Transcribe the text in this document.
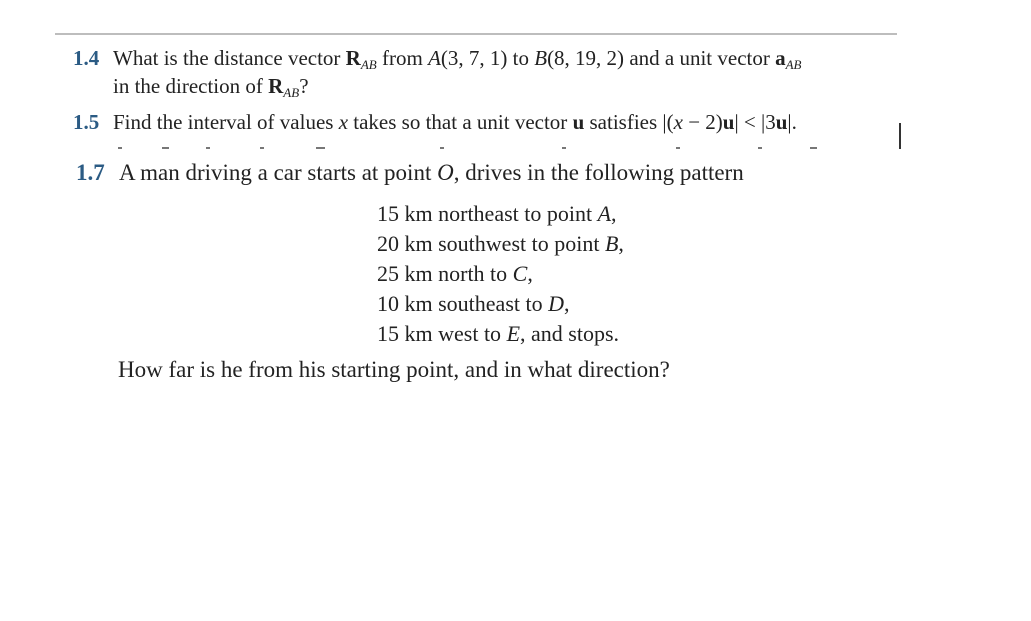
1.4 What is the distance vector $R_{AB}$ from A(3, 7, 1) to B(8, 19, 2) and a unit vector $a_{AB}$
in the direction of $R_{AB}$?
1.5 Find the interval of values x takes so that a unit vector u satisfies |(x − 2)u| < |3u|.
1.7 A man driving a car starts at point O, drives in the following pattern
15 km northeast to point A,
20 km southwest to point B,
25 km north to C,
10 km southeast to D,
15 km west to E, and stops.
How far is he from his starting point, and in what direction?
